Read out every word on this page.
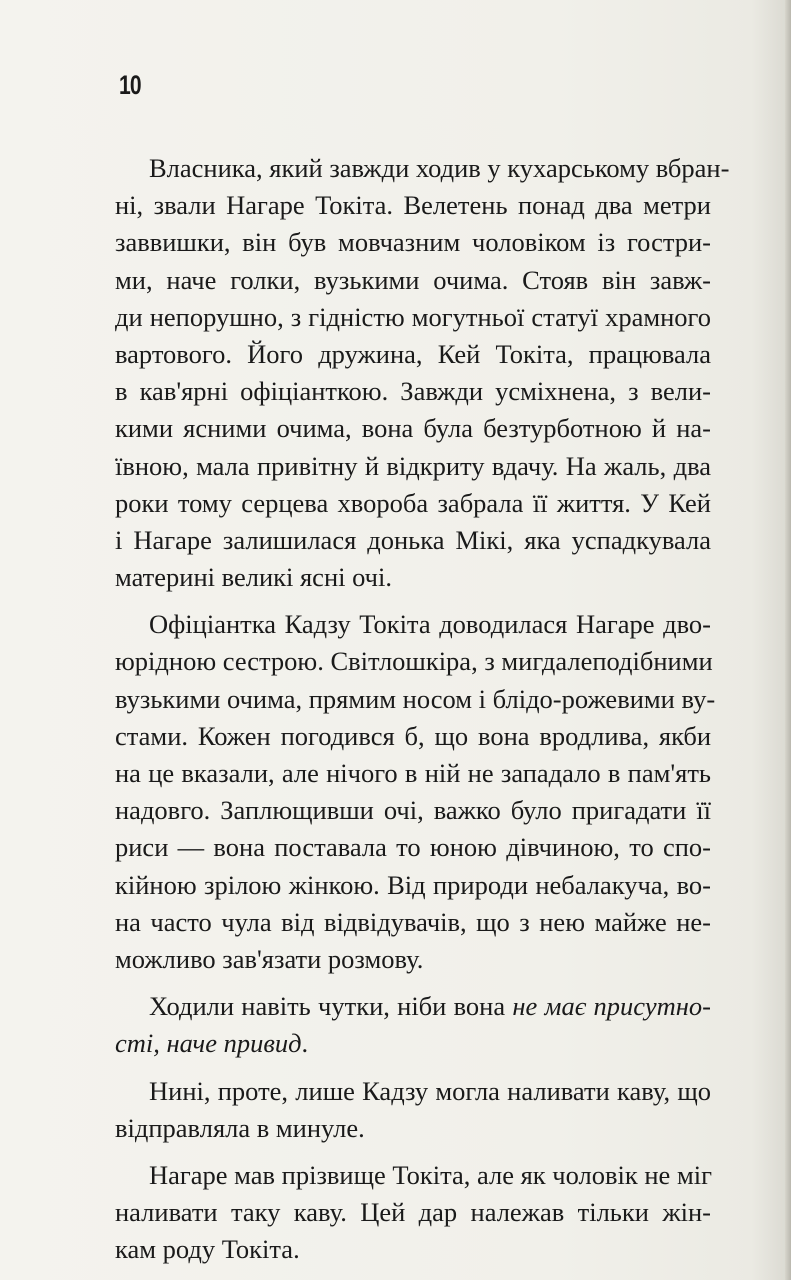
10
Власника, який завжди ходив у кухарському вбран-
ні, звали Нагаре Токіта. Велетень понад два метри
заввишки, він був мовчазним чоловіком із гостри-
ми, наче голки, вузькими очима. Стояв він завж-
ди непорушно, з гідністю могутньої статуї храмного
вартового. Його дружина, Кей Токіта, працювала
в кав'ярні офіціанткою. Завжди усміхнена, з вели-
кими ясними очима, вона була безтурботною й на-
ївною, мала привітну й відкриту вдачу. На жаль, два
роки тому серцева хвороба забрала її життя. У Кей
і Нагаре залишилася донька Мікі, яка успадкувала
материні великі ясні очі.
Офіціантка Кадзу Токіта доводилася Нагаре дво-
юрідною сестрою. Світлошкіра, з мигдалеподібними
вузькими очима, прямим носом і блідо-рожевими ву-
стами. Кожен погодився б, що вона вродлива, якби
на це вказали, але нічого в ній не западало в пам'ять
надовго. Заплющивши очі, важко було пригадати її
риси — вона поставала то юною дівчиною, то спо-
кійною зрілою жінкою. Від природи небалакуча, во-
на часто чула від відвідувачів, що з нею майже не-
можливо зав'язати розмову.
Ходили навіть чутки, ніби вона не має присутно-
сті, наче привид.
Нині, проте, лише Кадзу могла наливати каву, що
відправляла в минуле.
Нагаре мав прізвище Токіта, але як чоловік не міг
наливати таку каву. Цей дар належав тільки жін-
кам роду Токіта.
